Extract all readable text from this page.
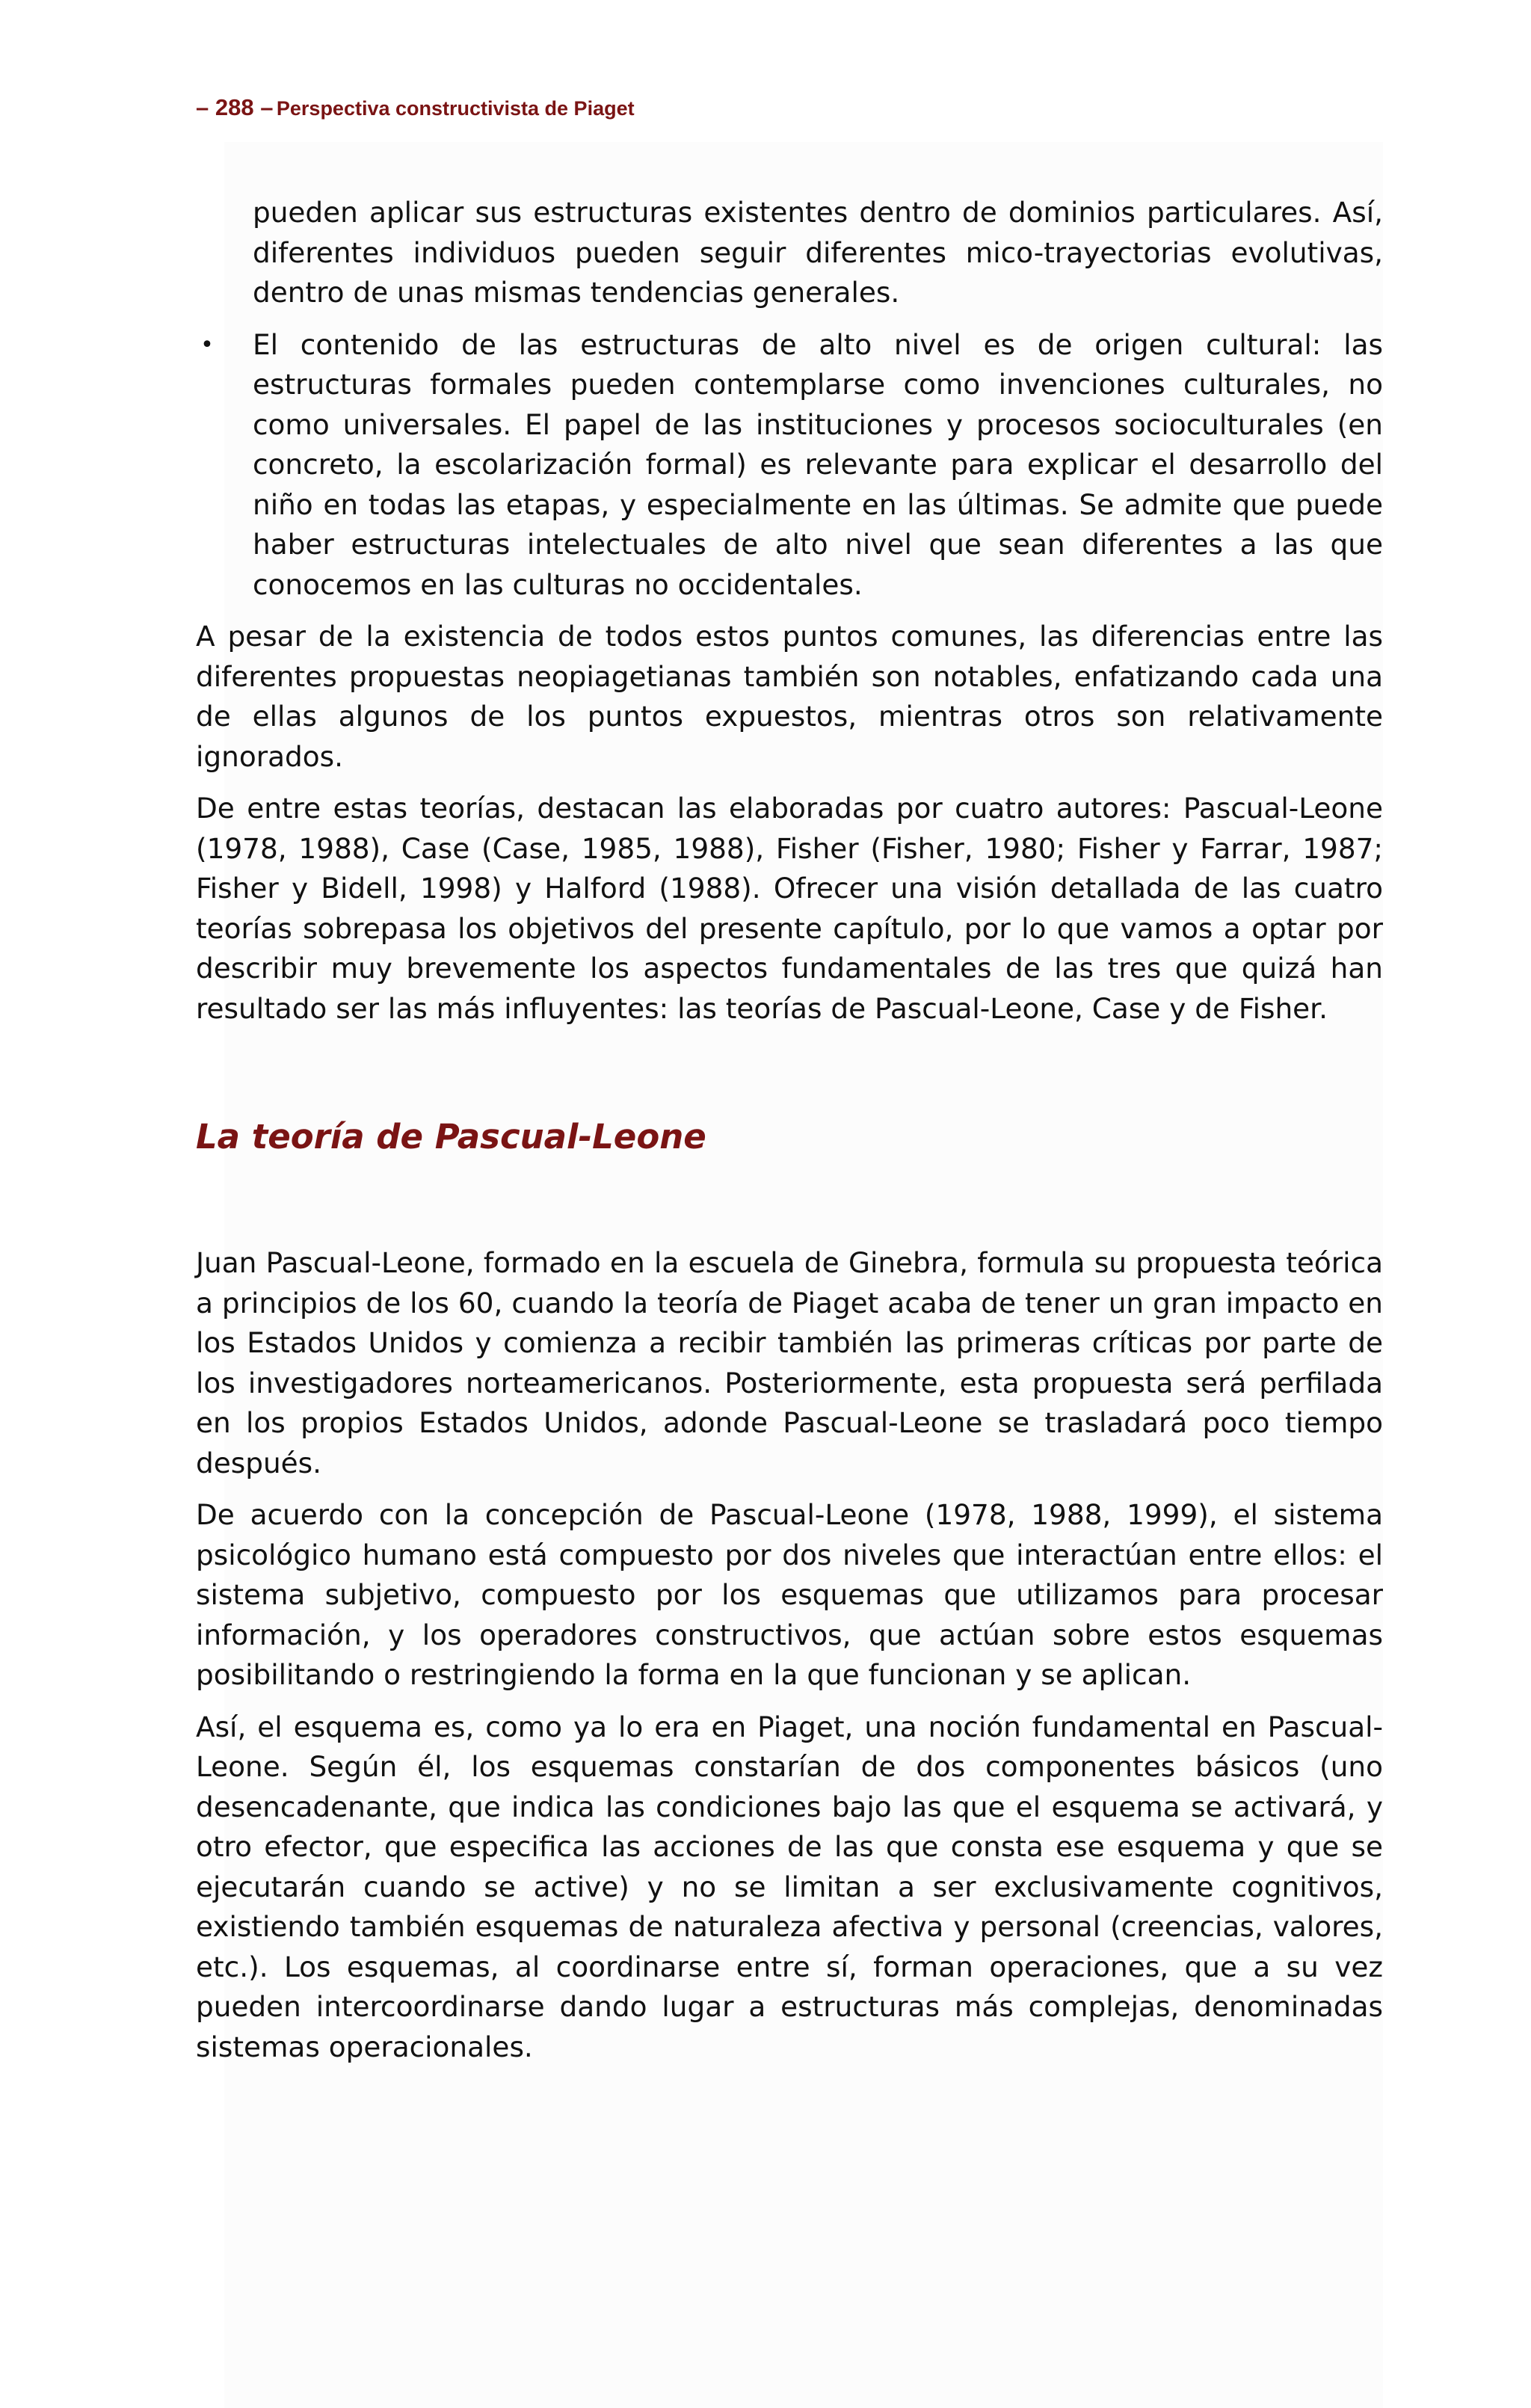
– 288 – Perspectiva constructivista de Piaget

pueden aplicar sus estructuras existentes dentro de dominios particulares. Así, diferentes individuos pueden seguir diferentes mico-trayectorias evolutivas, dentro de unas mismas tendencias generales.

• El contenido de las estructuras de alto nivel es de origen cultural: las estructuras formales pueden contemplarse como invenciones culturales, no como universales. El papel de las instituciones y procesos socioculturales (en concreto, la escolarización formal) es relevante para explicar el desarrollo del niño en todas las etapas, y especialmente en las últimas. Se admite que puede haber estructuras intelectuales de alto nivel que sean diferentes a las que conocemos en las culturas no occidentales.

A pesar de la existencia de todos estos puntos comunes, las diferencias entre las diferentes propuestas neopiagetianas también son notables, enfatizando cada una de ellas algunos de los puntos expuestos, mientras otros son relativamente ignorados.

De entre estas teorías, destacan las elaboradas por cuatro autores: Pascual-Leone (1978, 1988), Case (Case, 1985, 1988), Fisher (Fisher, 1980; Fisher y Farrar, 1987; Fisher y Bidell, 1998) y Halford (1988). Ofrecer una visión detallada de las cuatro teorías sobrepasa los objetivos del presente capítulo, por lo que vamos a optar por describir muy brevemente los aspectos fundamentales de las tres que quizá han resultado ser las más influyentes: las teorías de Pascual-Leone, Case y de Fisher.

La teoría de Pascual-Leone

Juan Pascual-Leone, formado en la escuela de Ginebra, formula su propuesta teórica a principios de los 60, cuando la teoría de Piaget acaba de tener un gran impacto en los Estados Unidos y comienza a recibir también las primeras críticas por parte de los investigadores norteamericanos. Posteriormente, esta propuesta será perfilada en los propios Estados Unidos, adonde Pascual-Leone se trasladará poco tiempo después.

De acuerdo con la concepción de Pascual-Leone (1978, 1988, 1999), el sistema psicológico humano está compuesto por dos niveles que interactúan entre ellos: el sistema subjetivo, compuesto por los esquemas que utilizamos para procesar información, y los operadores constructivos, que actúan sobre estos esquemas posibilitando o restringiendo la forma en la que funcionan y se aplican.

Así, el esquema es, como ya lo era en Piaget, una noción fundamental en Pascual-Leone. Según él, los esquemas constarían de dos componentes básicos (uno desencadenante, que indica las condiciones bajo las que el esquema se activará, y otro efector, que especifica las acciones de las que consta ese esquema y que se ejecutarán cuando se active) y no se limitan a ser exclusivamente cognitivos, existiendo también esquemas de naturaleza afectiva y personal (creencias, valores, etc.). Los esquemas, al coordinarse entre sí, forman operaciones, que a su vez pueden intercoordinarse dando lugar a estructuras más complejas, denominadas sistemas operacionales.
